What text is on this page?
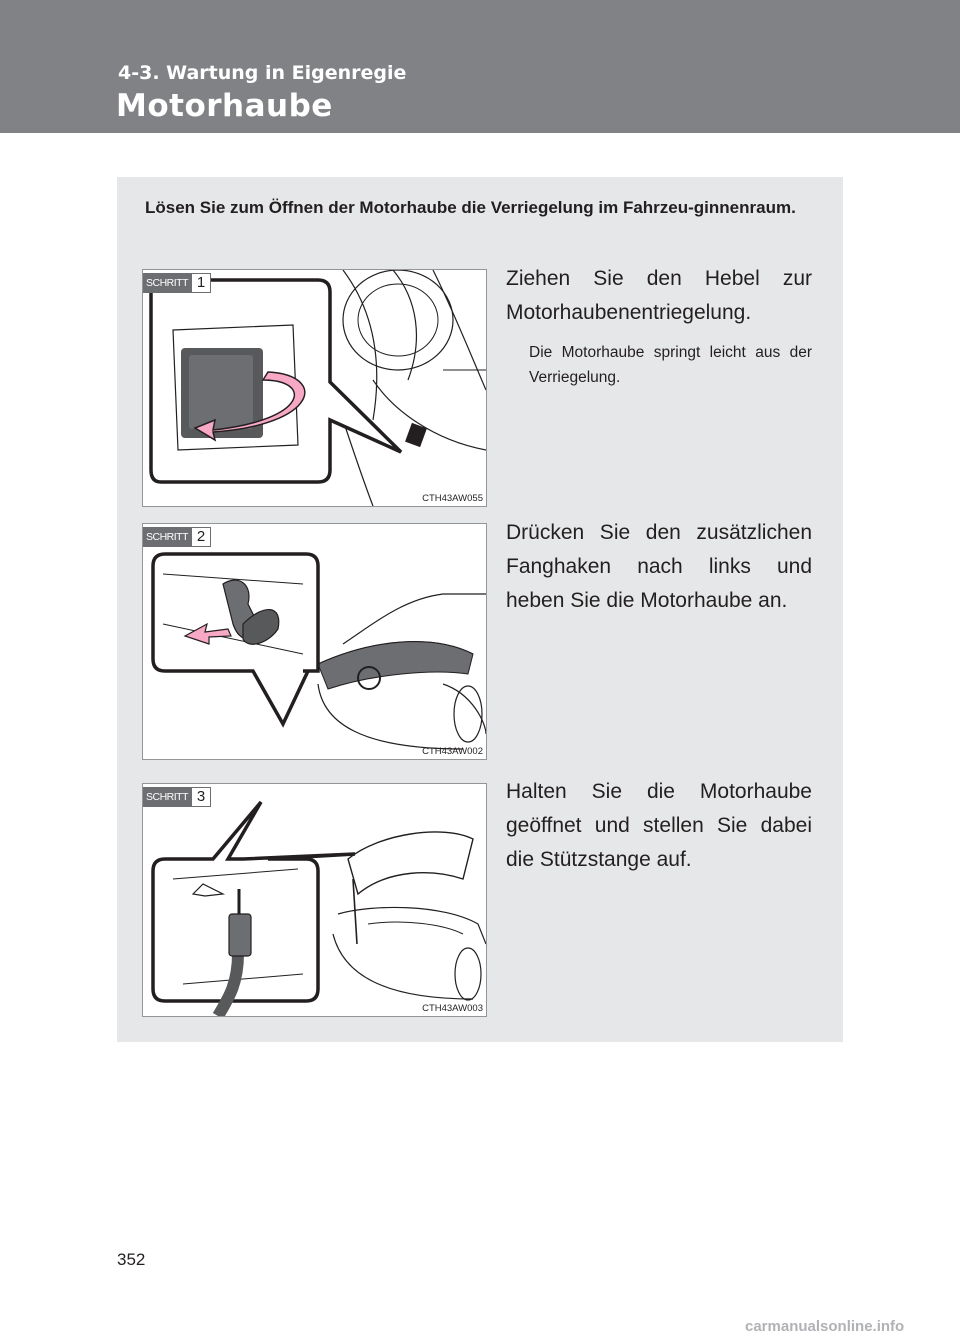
4-3. Wartung in Eigenregie
Motorhaube
Lösen Sie zum Öffnen der Motorhaube die Verriegelung im Fahrzeu-ginnenraum.
SCHRITT 1
CTH43AW055
Ziehen Sie den Hebel zur Motorhaubenentriegelung.
Die Motorhaube springt leicht aus der Verriegelung.
SCHRITT 2
CTH43AW002
Drücken Sie den zusätzlichen Fanghaken nach links und heben Sie die Motorhaube an.
SCHRITT 3
CTH43AW003
Halten Sie die Motorhaube geöffnet und stellen Sie dabei die Stützstange auf.
352
carmanualsonline.info
